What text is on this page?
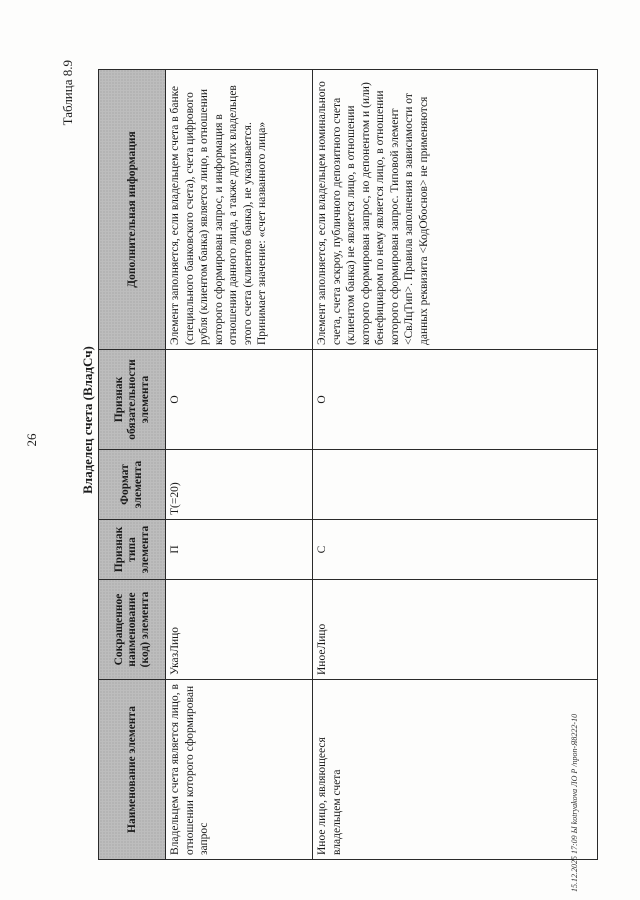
26
Таблица 8.9
Владелец счета (ВладСч)
Наименование элемента	Сокращенное наименование (код) элемента	Признак типа элемента	Формат элемента	Признак обязательности элемента	Дополнительная информация
Владельцем счета является лицо, в отношении которого сформирован запрос	УказЛицо	П	T(=20)	О	Элемент заполняется, если владельцем счета в банке (специального банковского счета), счета цифрового рубля (клиентом банка) является лицо, в отношении которого сформирован запрос, и информация в отношении данного лица, а также других владельцев этого счета (клиентов банка), не указывается. Принимает значение: «счет названного лица»
Иное лицо, являющееся владельцем счета	ИноеЛицо	С		О	Элемент заполняется, если владельцем номинального счета, счета эскроу, публичного депозитного счета (клиентом банка) не является лицо, в отношении которого сформирован запрос, но депонентом и (или) бенефициаром по нему является лицо, в отношении которого сформирован запрос. Типовой элемент <СвЛцТип>. Правила заполнения в зависимости от данных реквизита <КодОбоснов> не применяются
15.12.2025 17:09 Ы kotryakova ЛО Р /проп-Я8222-10
